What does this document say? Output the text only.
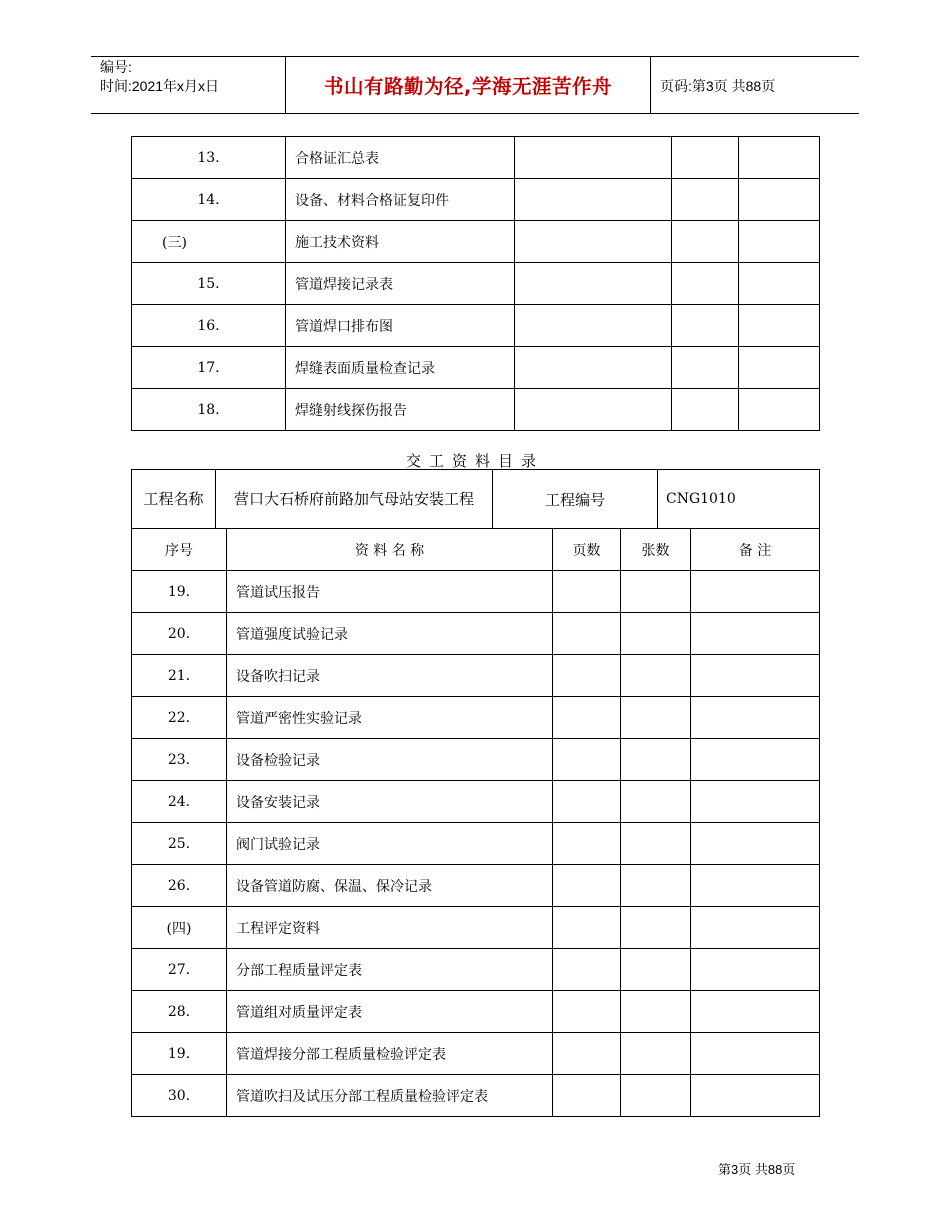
编号:
时间:2021年x月x日	书山有路勤为径,学海无涯苦作舟	页码:第3页 共88页
13.	合格证汇总表			
14.	设备、材料合格证复印件			
(三)	施工技术资料			
15.	管道焊接记录表			
16.	管道焊口排布图			
17.	焊缝表面质量检查记录			
18.	焊缝射线探伤报告			
交工资料目录
工程名称 营口大石桥府前路加气母站安装工程 工程编号 CNG1010				

序号	资 料 名 称	页数	张数	备 注
19.	管道试压报告			
20.	管道强度试验记录			
21.	设备吹扫记录			
22.	管道严密性实验记录			
23.	设备检验记录			
24.	设备安装记录			
25.	阀门试验记录			
26.	设备管道防腐、保温、保冷记录			
(四)	工程评定资料			
27.	分部工程质量评定表			
28.	管道组对质量评定表			
19.	管道焊接分部工程质量检验评定表			
30.	管道吹扫及试压分部工程质量检验评定表			
第3页 共88页
